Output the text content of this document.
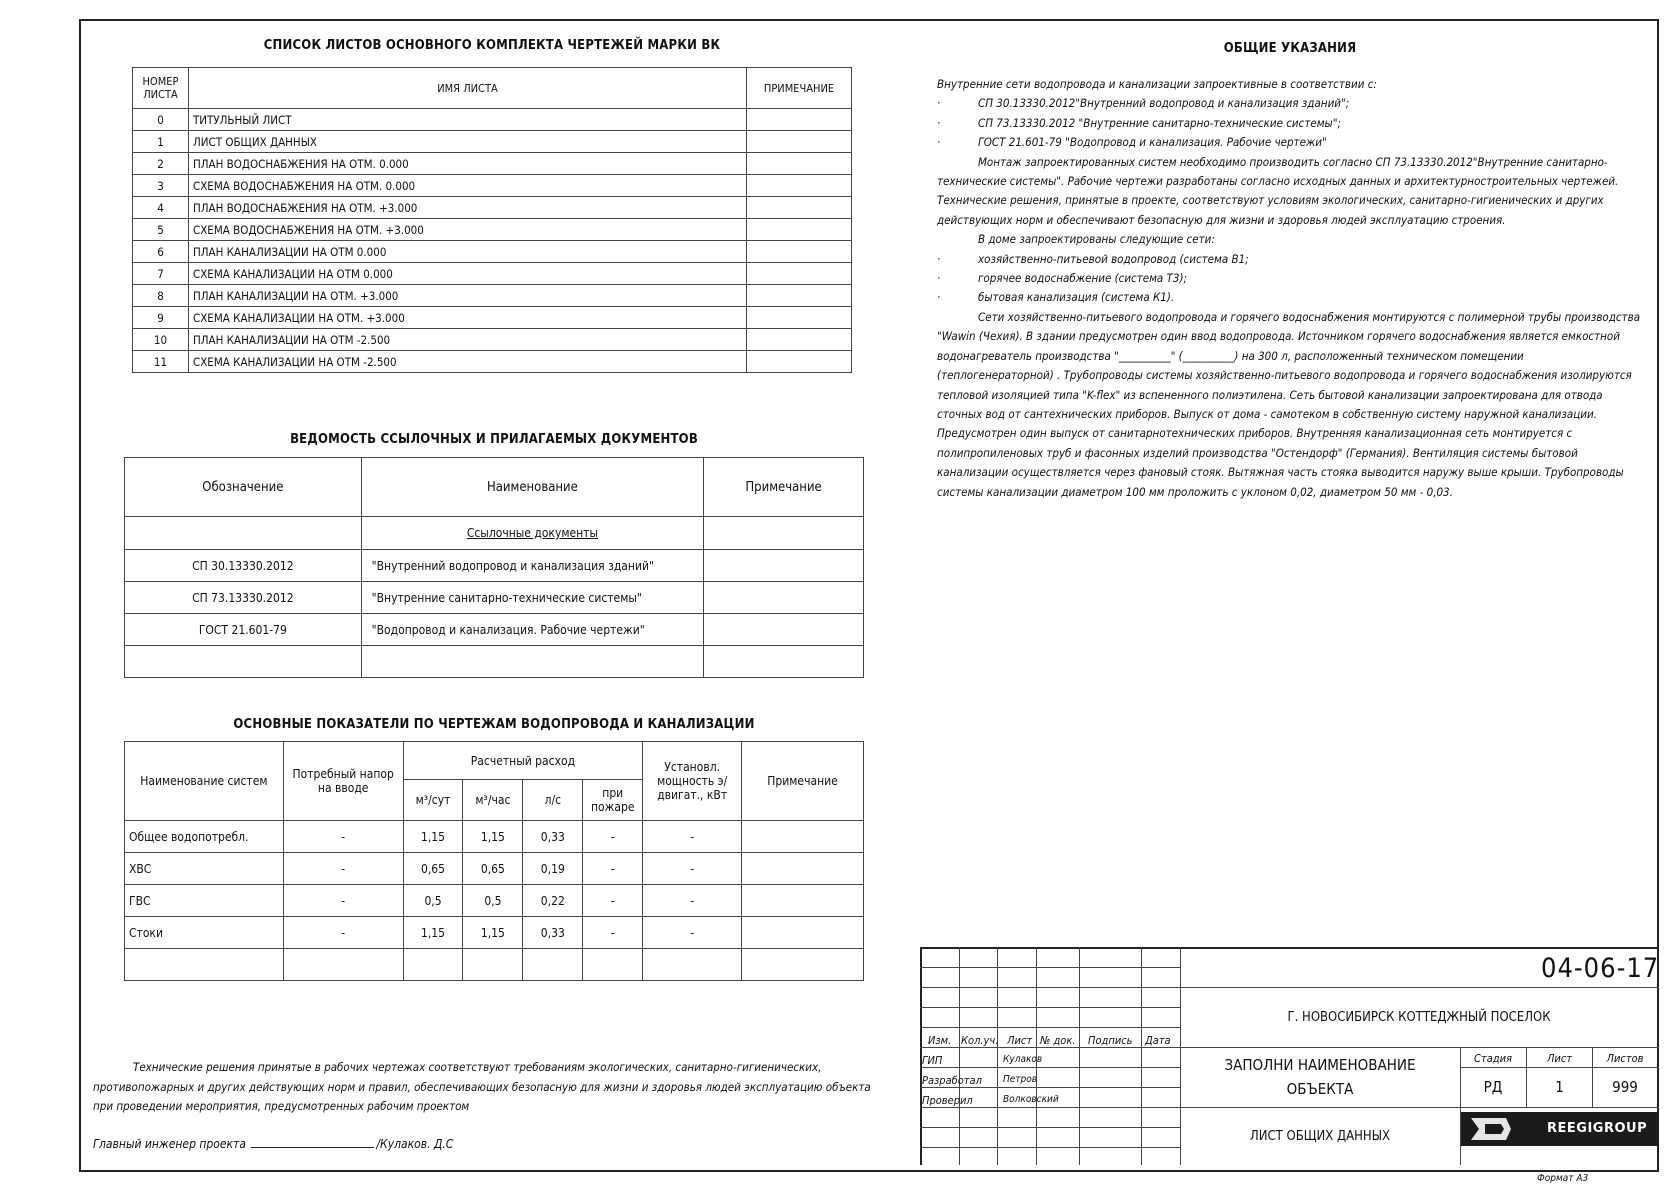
СПИСОК ЛИСТОВ ОСНОВНОГО КОМПЛЕКТА ЧЕРТЕЖЕЙ МАРКИ ВК
НОМЕР ЛИСТА	ИМЯ ЛИСТА	ПРИМЕЧАНИЕ
0	ТИТУЛЬНЫЙ ЛИСТ	
1	ЛИСТ ОБЩИХ ДАННЫХ	
2	ПЛАН ВОДОСНАБЖЕНИЯ НА ОТМ. 0.000	
3	СХЕМА ВОДОСНАБЖЕНИЯ НА ОТМ. 0.000	
4	ПЛАН ВОДОСНАБЖЕНИЯ НА ОТМ. +3.000	
5	СХЕМА ВОДОСНАБЖЕНИЯ НА ОТМ. +3.000	
6	ПЛАН КАНАЛИЗАЦИИ НА ОТМ 0.000	
7	СХЕМА КАНАЛИЗАЦИИ НА ОТМ 0.000	
8	ПЛАН КАНАЛИЗАЦИИ НА ОТМ. +3.000	
9	СХЕМА КАНАЛИЗАЦИИ НА ОТМ. +3.000	
10	ПЛАН КАНАЛИЗАЦИИ НА ОТМ -2.500	
11	СХЕМА КАНАЛИЗАЦИИ НА ОТМ -2.500	
ВЕДОМОСТЬ ССЫЛОЧНЫХ И ПРИЛАГАЕМЫХ ДОКУМЕНТОВ
Обозначение	Наименование	Примечание
	Ссылочные документы	
СП 30.13330.2012	"Внутренний водопровод и канализация зданий"	
СП 73.13330.2012	"Внутренние санитарно-технические системы"	
ГОСТ 21.601-79	"Водопровод и канализация. Рабочие чертежи"	

ОСНОВНЫЕ ПОКАЗАТЕЛИ ПО ЧЕРТЕЖАМ ВОДОПРОВОДА И КАНАЛИЗАЦИИ
Наименование систем	Потребный напор на вводе	Расчетный расход				Установл. мощность э/двигат., кВт	Примечание
		м³/сут	м³/час	л/с	при пожаре		
Общее водопотребл.	-	1,15	1,15	0,33	-	-	
ХВС	-	0,65	0,65	0,19	-	-	
ГВС	-	0,5	0,5	0,22	-	-	
Стоки	-	1,15	1,15	0,33	-	-	

ОБЩИЕ УКАЗАНИЯ

Внутренние сети водопровода и канализации запроективные в соответствии с:

· СП 30.13330.2012"Внутренний водопровод и канализация зданий";

· СП 73.13330.2012 "Внутренние санитарно-технические системы";

· ГОСТ 21.601-79 "Водопровод и канализация. Рабочие чертежи"

Монтаж запроектированных систем необходимо производить согласно СП 73.13330.2012"Внутренние санитарно-технические системы". Рабочие чертежи разработаны согласно исходных данных и архитектурностроительных чертежей. Технические решения, принятые в проекте, соответствуют условиям экологических, санитарно-гигиенических и других действующих норм и обеспечивают безопасную для жизни и здоровья людей эксплуатацию строения.

В доме запроектированы следующие сети:

· хозяйственно-питьевой водопровод (система В1;

· горячее водоснабжение (система Т3);

· бытовая канализация (система К1).

Сети хозяйственно-питьевого водопровода и горячего водоснабжения монтируются с полимерной трубы производства "Wawin (Чехия). В здании предусмотрен один ввод водопровода. Источником горячего водоснабжения является емкостной водонагреватель производства "__________" (__________) на 300 л, расположенный техническом помещении (теплогенераторной) . Трубопроводы системы хозяйственно-питьевого водопровода и горячего водоснабжения изолируются тепловой изоляцией типа "K-flex" из вспененного полиэтилена. Сеть бытовой канализации запроектирована для отвода сточных вод от сантехнических приборов. Выпуск от дома - самотеком в собственную систему наружной канализации. Предусмотрен один выпуск от санитарнотехнических приборов. Внутренняя канализационная сеть монтируется с полипропиленовых труб и фасонных изделий производства "Остендорф" (Германия). Вентиляция системы бытовой канализации осуществляется через фановый стояк. Вытяжная часть стояка выводится наружу выше крыши. Трубопроводы системы канализации диаметром 100 мм проложить с уклоном 0,02, диаметром 50 мм - 0,03.

Технические решения принятые в рабочих чертежах соответствуют требованиям экологических, санитарно-гигиенических, противопожарных и других действующих норм и правил, обеспечивающих безопасную для жизни и здоровья людей эксплуатацию объекта при проведении мероприятия, предусмотренных рабочим проектом
Главный инженер проекта	/Кулаков. Д.С
04-06-17
Г. НОВОСИБИРСК КОТТЕДЖНЫЙ ПОСЕЛОК
ЗАПОЛНИ НАИМЕНОВАНИЕ
ОБЪЕКТА
ЛИСТ ОБЩИХ ДАННЫХ
Изм. Кол.уч. Лист № док. Подпись Дата
ГИП	Кулаков
Разработал Петров
Проверил	Волковский
Стадия	Лист	Листов
РД	1	999
REEGIGROUP
Формат А3
